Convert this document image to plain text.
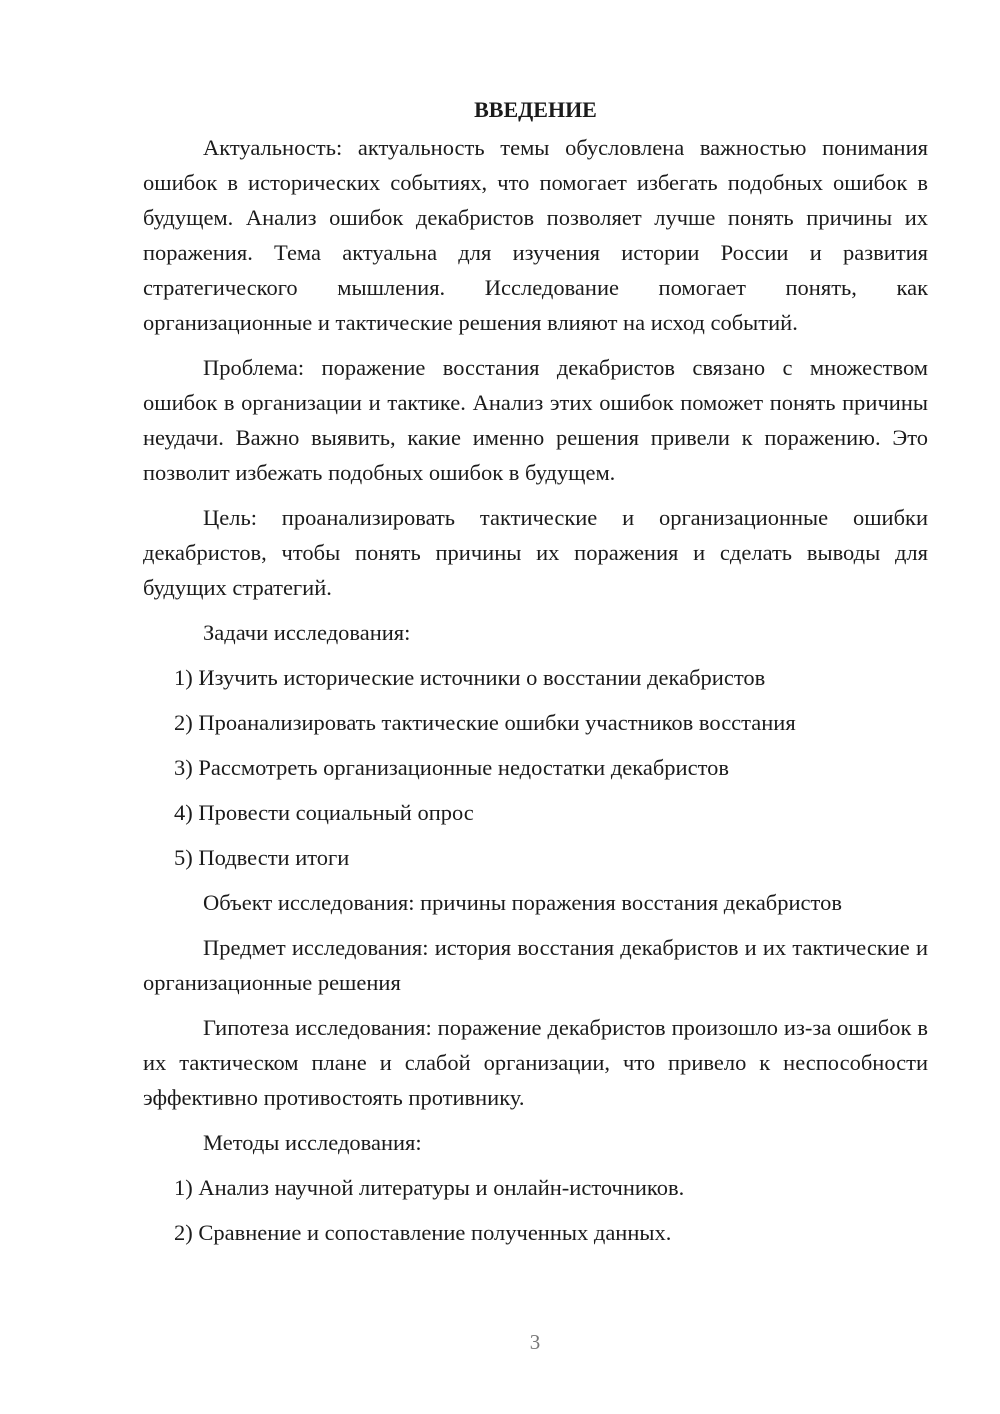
ВВЕДЕНИЕ

Актуальность: актуальность темы обусловлена важностью понимания ошибок в исторических событиях, что помогает избегать подобных ошибок в будущем. Анализ ошибок декабристов позволяет лучше понять причины их поражения. Тема актуальна для изучения истории России и развития стратегического мышления. Исследование помогает понять, как организационные и тактические решения влияют на исход событий.

Проблема: поражение восстания декабристов связано с множеством ошибок в организации и тактике. Анализ этих ошибок поможет понять причины неудачи. Важно выявить, какие именно решения привели к поражению. Это позволит избежать подобных ошибок в будущем.

Цель: проанализировать тактические и организационные ошибки декабристов, чтобы понять причины их поражения и сделать выводы для будущих стратегий.

Задачи исследования:

1) Изучить исторические источники о восстании декабристов
2) Проанализировать тактические ошибки участников восстания
3) Рассмотреть организационные недостатки декабристов
4) Провести социальный опрос
5) Подвести итоги

Объект исследования: причины поражения восстания декабристов

Предмет исследования: история восстания декабристов и их тактические и организационные решения

Гипотеза исследования: поражение декабристов произошло из-за ошибок в их тактическом плане и слабой организации, что привело к неспособности эффективно противостоять противнику.

Методы исследования:

1) Анализ научной литературы и онлайн-источников.
2) Сравнение и сопоставление полученных данных.
3
